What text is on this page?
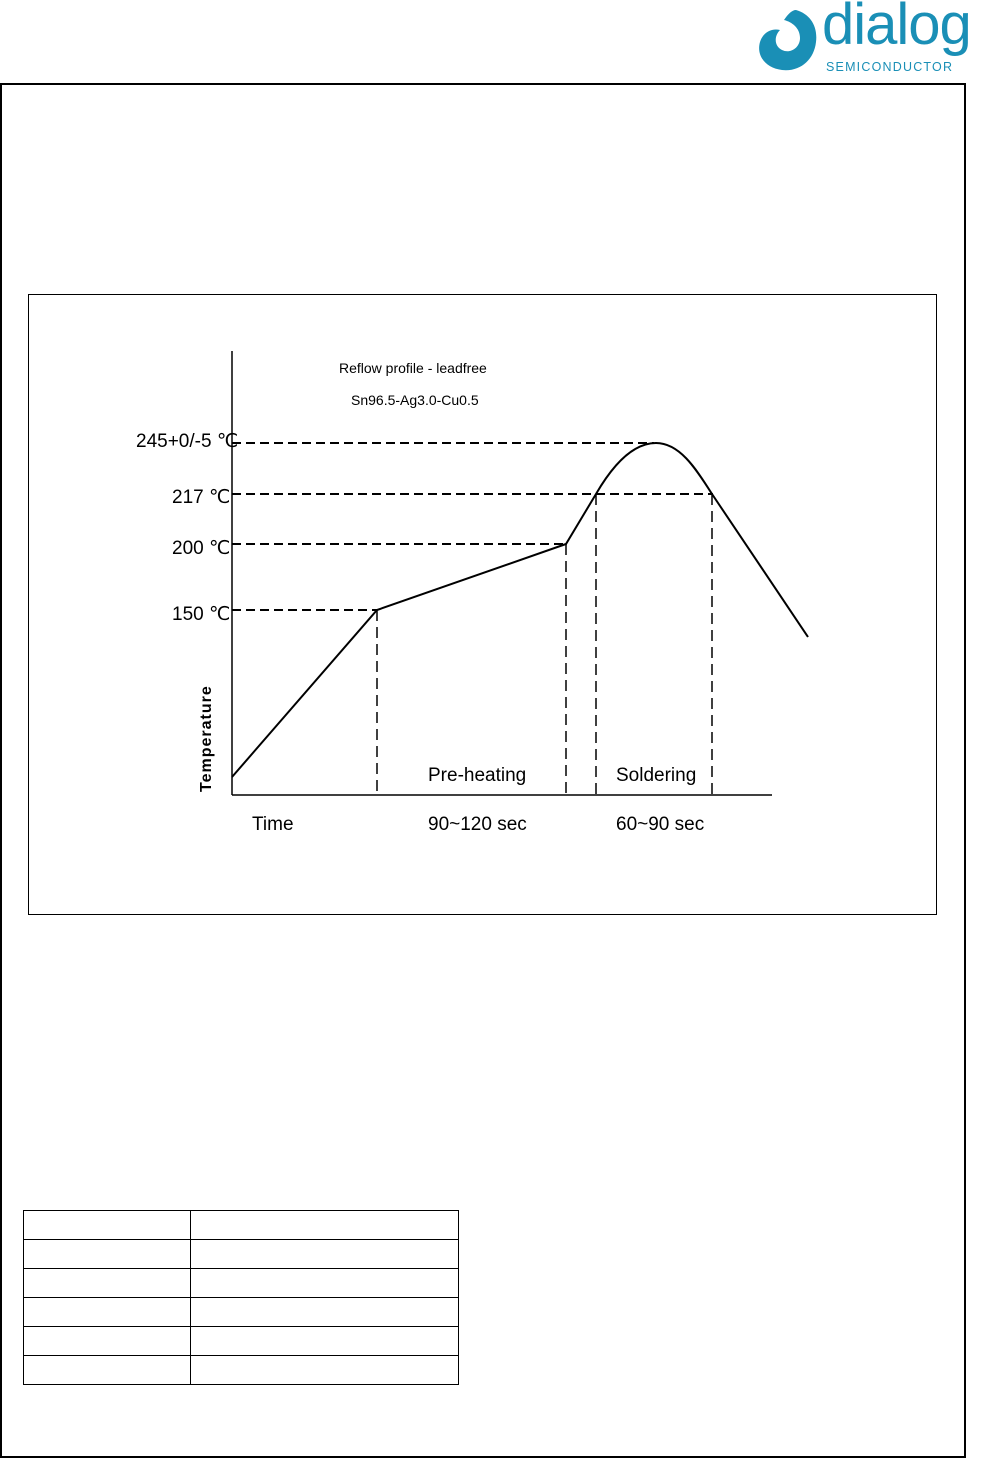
dialog
SEMICONDUCTOR
Reflow profile - leadfree
Sn96.5-Ag3.0-Cu0.5
245+0/-5 ℃
217 ℃
200 ℃
150 ℃
Temperature	Pre-heating	Soldering
Time	90~120 sec	60~90 sec
